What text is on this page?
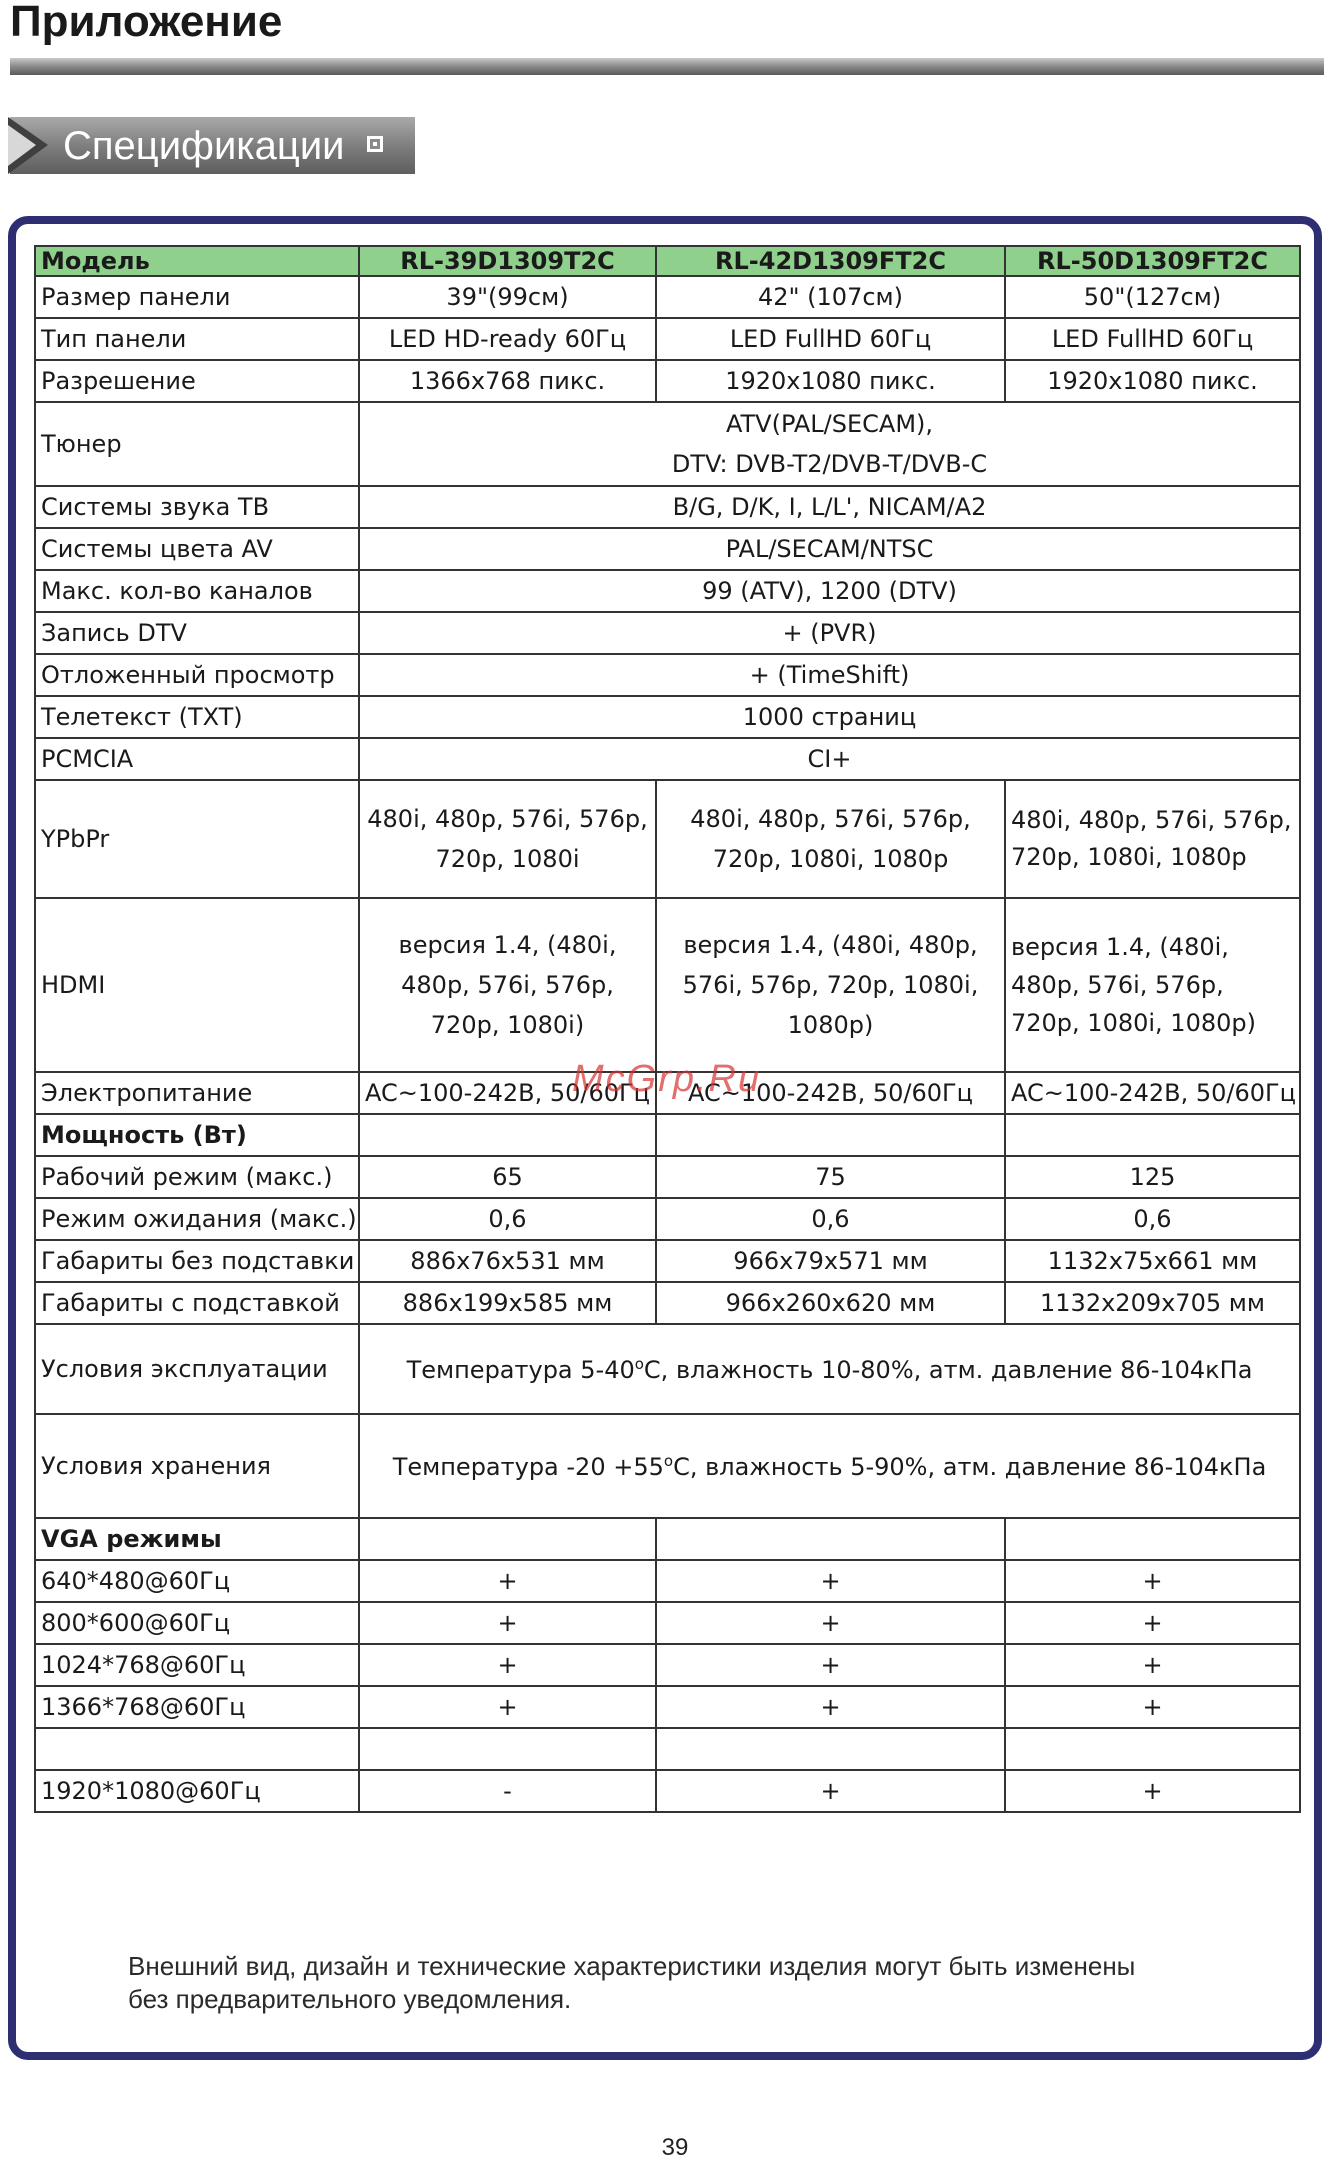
Приложение
Спецификации
Модель	RL-39D1309T2C	RL-42D1309FT2C	RL-50D1309FT2C
Размер панели	39"(99см)	42" (107см)	50"(127см)
Тип панели	LED HD-ready 60Гц	LED FullHD 60Гц	LED FullHD 60Гц
Разрешение	1366x768 пикс.	1920x1080 пикс.	1920x1080 пикс.
Тюнер	ATV(PAL/SECAM),
DTV: DVB-T2/DVB-T/DVB-C		

Системы звука ТВ	B/G, D/K, I, L/L', NICAM/A2		
Системы цвета AV	PAL/SECAM/NTSC		
Макс. кол-во каналов	99 (ATV), 1200 (DTV)		
Запись DTV	+ (PVR)		
Отложенный просмотр	+ (TimeShift)		
Телетекст (TXT)	1000 страниц		
PCMCIA	CI+		
YPbPr	480i, 480p, 576i, 576p, 720p, 1080i	480i, 480p, 576i, 576p, 720p, 1080i, 1080p	480i, 480p, 576i, 576p, 720p, 1080i, 1080p
HDMI	версия 1.4, (480i, 480p, 576i, 576p, 720p, 1080i)	версия 1.4, (480i, 480p, 576i, 576p, 720p, 1080i, 1080p)	версия 1.4, (480i, 480p, 576i, 576p, 720p, 1080i, 1080p)
Электропитание	AC~100-242В, 50/60Гц	AC~100-242В, 50/60Гц	AC~100-242В, 50/60Гц
Мощность (Вт)			
Рабочий режим (макс.)	65	75	125
Режим ожидания (макс.)	0,6	0,6	0,6
Габариты без подставки	886x76x531 мм	966x79x571 мм	1132x75x661 мм
Габариты с подставкой	886x199x585 мм	966x260x620 мм	1132x209x705 мм
Условия эксплуатации	Температура 5-40$^o$С, влажность 10-80%, атм. давление 86-104кПа		
Условия хранения	Температура $-20 +55^oС$, влажность 5-90%, атм. давление 86-104кПа		
VGA режимы			
640*480@60Гц	+	+	+
800*600@60Гц	+	+	+
1024*768@60Гц	+	+	+
1366*768@60Гц	+	+	+

1920*1080@60Гц	-	+	+
McGrp.Ru
Внешний вид, дизайн и технические характеристики изделия могут быть изменены
без предварительного уведомления.
39
